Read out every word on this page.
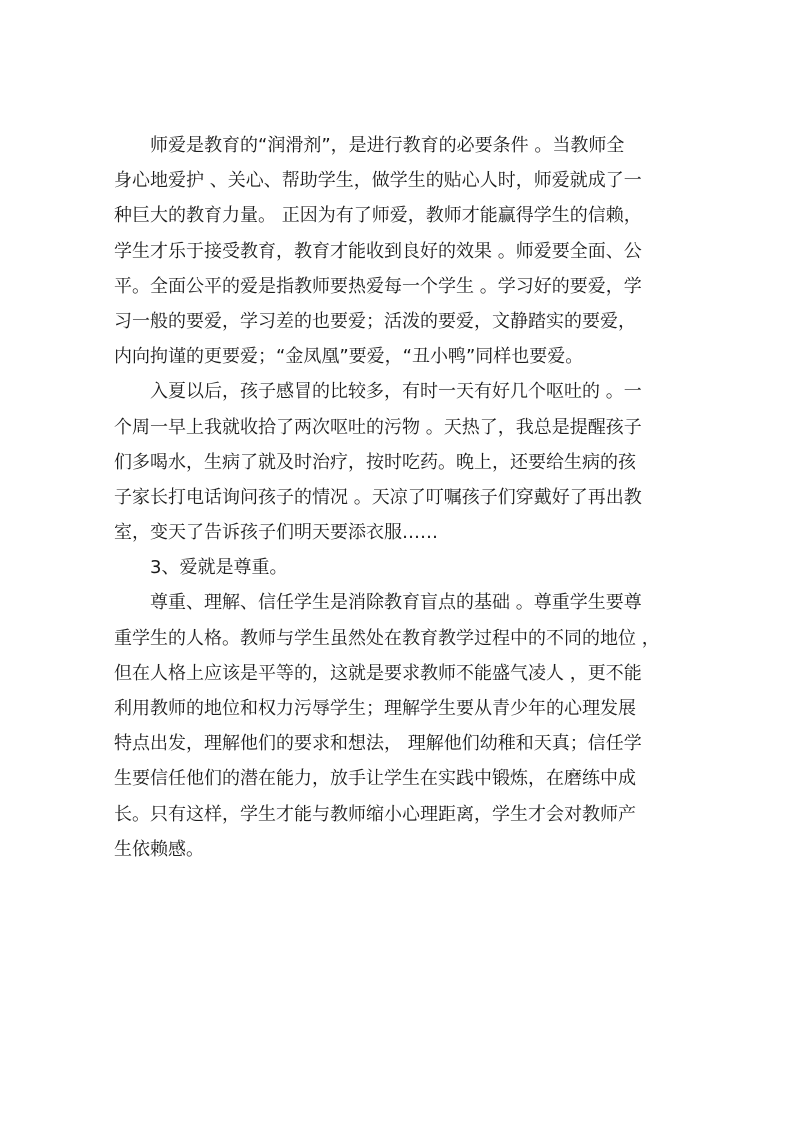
师爱是教育的“润滑剂”，是进行教育的必要条件 。当教师全
身心地爱护 、关心、帮助学生，做学生的贴心人时，师爱就成了一
种巨大的教育力量。 正因为有了师爱，教师才能赢得学生的信赖，
学生才乐于接受教育，教育才能收到良好的效果 。师爱要全面、公
平。全面公平的爱是指教师要热爱每一个学生 。学习好的要爱，学
习一般的要爱，学习差的也要爱；活泼的要爱，文静踏实的要爱，
内向拘谨的更要爱；“金凤凰”要爱，“丑小鸭”同样也要爱。
入夏以后，孩子感冒的比较多，有时一天有好几个呕吐的 。一
个周一早上我就收拾了两次呕吐的污物 。天热了，我总是提醒孩子
们多喝水，生病了就及时治疗，按时吃药。晚上，还要给生病的孩
子家长打电话询问孩子的情况 。天凉了叮嘱孩子们穿戴好了再出教
室，变天了告诉孩子们明天要添衣服……
3、爱就是尊重。
尊重、理解、信任学生是消除教育盲点的基础 。尊重学生要尊
重学生的人格。教师与学生虽然处在教育教学过程中的不同的地位 ，
但在人格上应该是平等的，这就是要求教师不能盛气凌人 ，更不能
利用教师的地位和权力污辱学生；理解学生要从青少年的心理发展
特点出发，理解他们的要求和想法， 理解他们幼稚和天真；信任学
生要信任他们的潜在能力，放手让学生在实践中锻炼，在磨练中成
长。只有这样，学生才能与教师缩小心理距离，学生才会对教师产
生依赖感。
